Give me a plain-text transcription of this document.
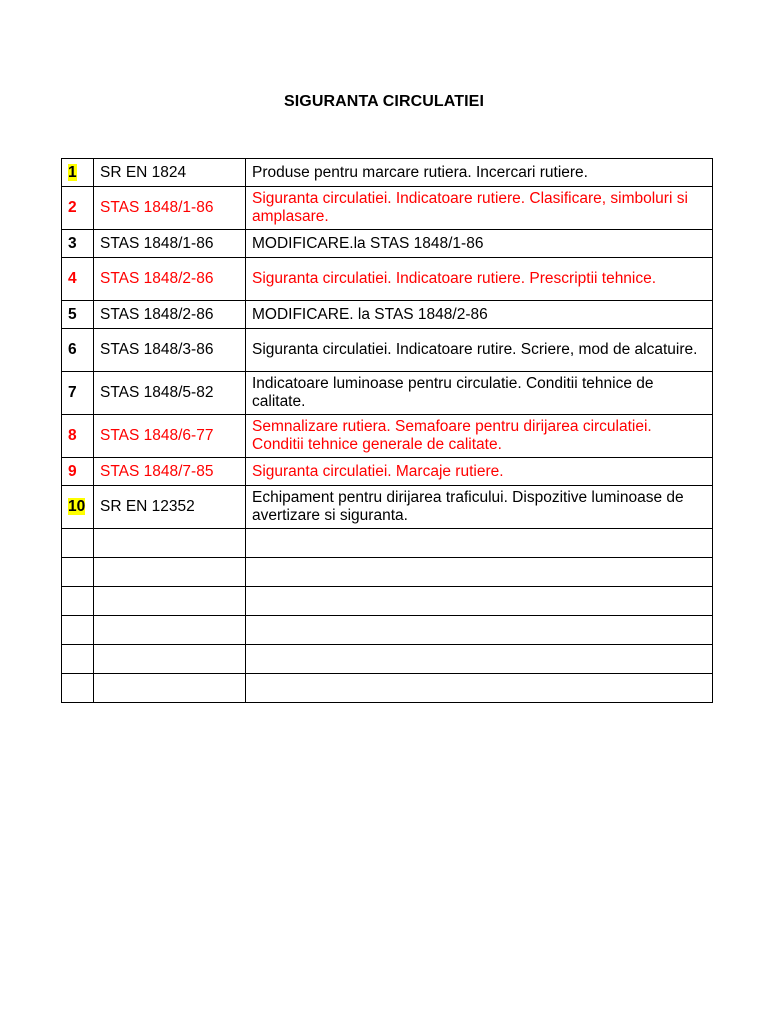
SIGURANTA CIRCULATIEI
1	SR EN 1824	Produse pentru marcare rutiera. Incercari rutiere.
2	STAS 1848/1-86	Siguranta circulatiei. Indicatoare rutiere. Clasificare, simboluri si amplasare.
3	STAS 1848/1-86	MODIFICARE.la STAS 1848/1-86
4	STAS 1848/2-86	Siguranta circulatiei. Indicatoare rutiere. Prescriptii tehnice.
5	STAS 1848/2-86	MODIFICARE. la STAS 1848/2-86
6	STAS 1848/3-86	Siguranta circulatiei. Indicatoare rutire. Scriere, mod de alcatuire.
7	STAS 1848/5-82	Indicatoare luminoase pentru circulatie. Conditii tehnice de calitate.
8	STAS 1848/6-77	Semnalizare rutiera. Semafoare pentru dirijarea circulatiei. Conditii tehnice generale de calitate.
9	STAS 1848/7-85	Siguranta circulatiei. Marcaje rutiere.
10	SR EN 12352	Echipament pentru dirijarea traficului. Dispozitive luminoase de avertizare si siguranta.
